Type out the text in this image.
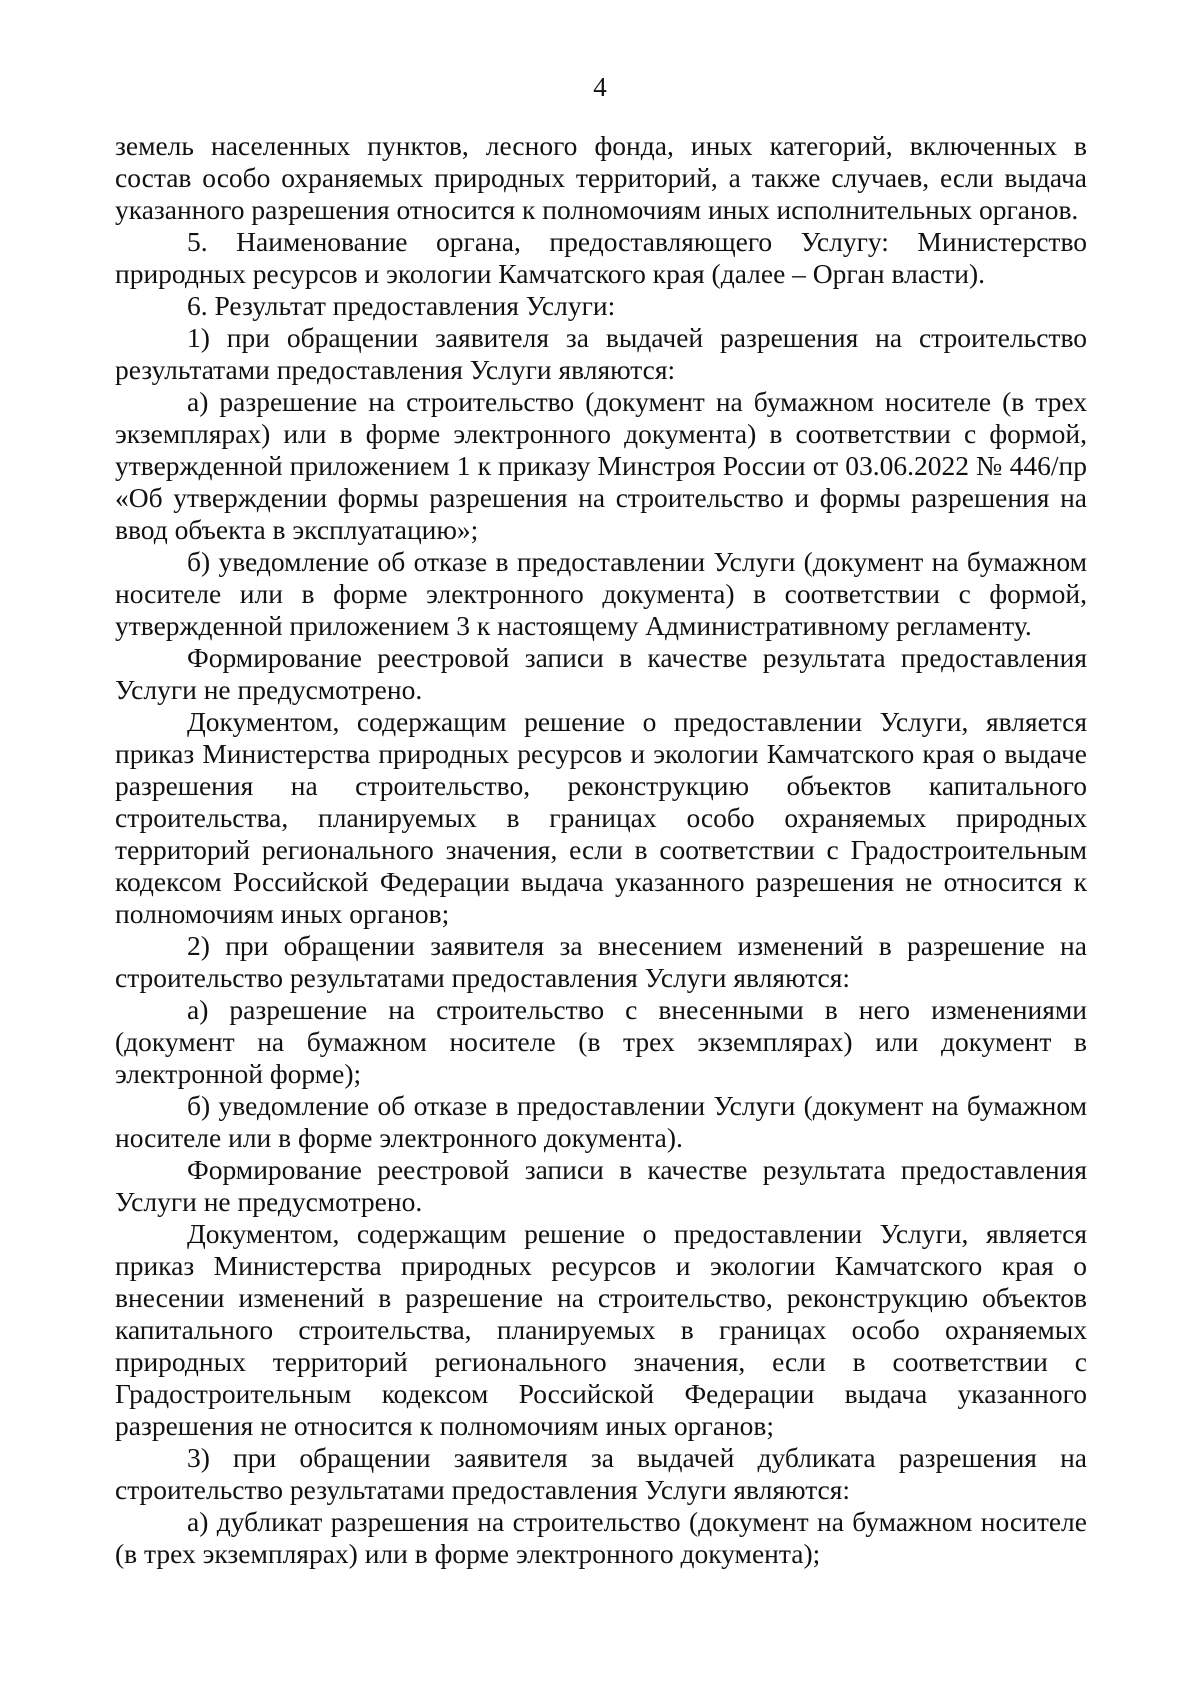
4

земель населенных пунктов, лесного фонда, иных категорий, включенных в состав особо охраняемых природных территорий, а также случаев, если выдача указанного разрешения относится к полномочиям иных исполнительных органов.

5. Наименование органа, предоставляющего Услугу: Министерство природных ресурсов и экологии Камчатского края (далее – Орган власти).

6. Результат предоставления Услуги:

1) при обращении заявителя за выдачей разрешения на строительство результатами предоставления Услуги являются:

а) разрешение на строительство (документ на бумажном носителе (в трех экземплярах) или в форме электронного документа) в соответствии с формой, утвержденной приложением 1 к приказу Минстроя России от 03.06.2022 № 446/пр «Об утверждении формы разрешения на строительство и формы разрешения на ввод объекта в эксплуатацию»;

б) уведомление об отказе в предоставлении Услуги (документ на бумажном носителе или в форме электронного документа) в соответствии с формой, утвержденной приложением 3 к настоящему Административному регламенту.

Формирование реестровой записи в качестве результата предоставления Услуги не предусмотрено.

Документом, содержащим решение о предоставлении Услуги, является приказ Министерства природных ресурсов и экологии Камчатского края о выдаче разрешения на строительство, реконструкцию объектов капитального строительства, планируемых в границах особо охраняемых природных территорий регионального значения, если в соответствии с Градостроительным кодексом Российской Федерации выдача указанного разрешения не относится к полномочиям иных органов;

2) при обращении заявителя за внесением изменений в разрешение на строительство результатами предоставления Услуги являются:

а) разрешение на строительство с внесенными в него изменениями (документ на бумажном носителе (в трех экземплярах) или документ в электронной форме);

б) уведомление об отказе в предоставлении Услуги (документ на бумажном носителе или в форме электронного документа).

Формирование реестровой записи в качестве результата предоставления Услуги не предусмотрено.

Документом, содержащим решение о предоставлении Услуги, является приказ Министерства природных ресурсов и экологии Камчатского края о внесении изменений в разрешение на строительство, реконструкцию объектов капитального строительства, планируемых в границах особо охраняемых природных территорий регионального значения, если в соответствии с Градостроительным кодексом Российской Федерации выдача указанного разрешения не относится к полномочиям иных органов;

3) при обращении заявителя за выдачей дубликата разрешения на строительство результатами предоставления Услуги являются:

а) дубликат разрешения на строительство (документ на бумажном носителе (в трех экземплярах) или в форме электронного документа);
